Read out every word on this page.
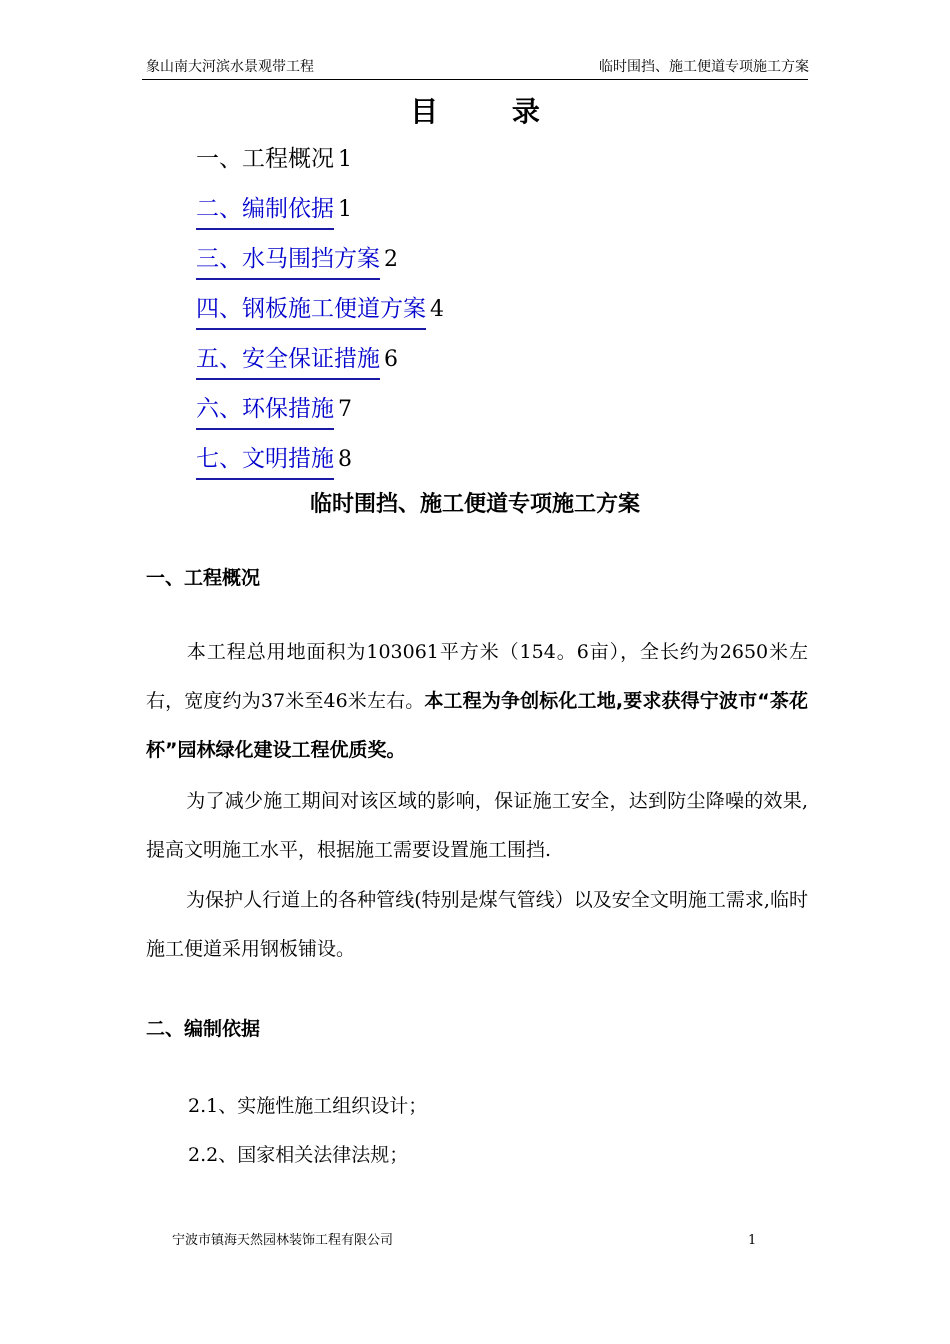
象山南大河滨水景观带工程	临时围挡、施工便道专项施工方案
目 录
一、工程概况 1
二、编制依据 1
三、水马围挡方案 2
四、钢板施工便道方案 4
五、安全保证措施 6
六、环保措施 7
七、文明措施 8
临时围挡、施工便道专项施工方案
一、工程概况

本工程总用地面积为103061平方米（154。6亩），全长约为2650米左右，宽度约为37米至46米左右。本工程为争创标化工地,要求获得宁波市“茶花杯”园林绿化建设工程优质奖。

为了减少施工期间对该区域的影响，保证施工安全，达到防尘降噪的效果,提高文明施工水平，根据施工需要设置施工围挡.

为保护人行道上的各种管线(特别是煤气管线）以及安全文明施工需求,临时施工便道采用钢板铺设。

二、编制依据
2.1、实施性施工组织设计；
2.2、国家相关法律法规；
宁波市镇海天然园林装饰工程有限公司	1
